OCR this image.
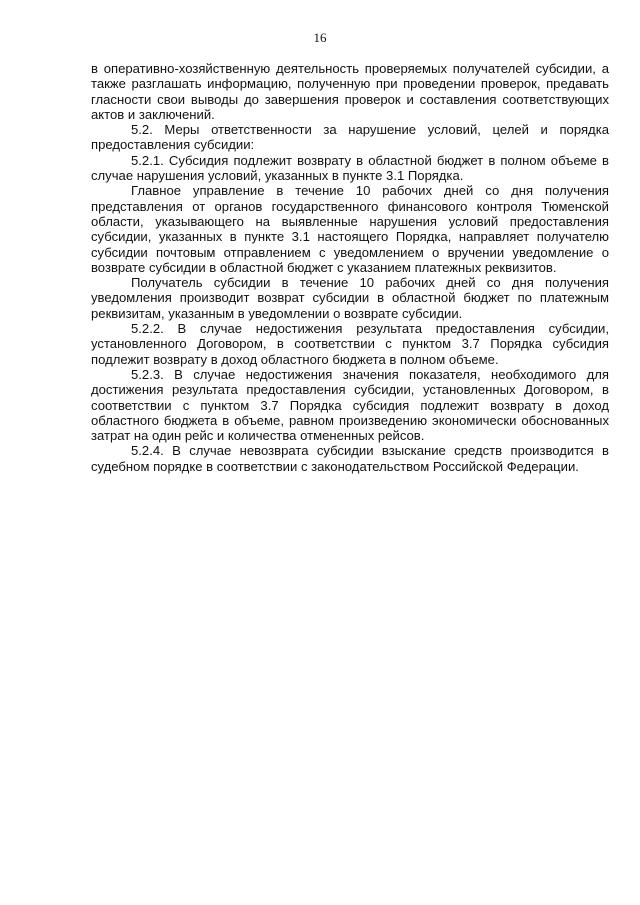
16

в оперативно-хозяйственную деятельность проверяемых получателей субсидии, а также разглашать информацию, полученную при проведении проверок, предавать гласности свои выводы до завершения проверок и составления соответствующих актов и заключений.

5.2. Меры ответственности за нарушение условий, целей и порядка предоставления субсидии:

5.2.1. Субсидия подлежит возврату в областной бюджет в полном объеме в случае нарушения условий, указанных в пункте 3.1 Порядка.

Главное управление в течение 10 рабочих дней со дня получения представления от органов государственного финансового контроля Тюменской области, указывающего на выявленные нарушения условий предоставления субсидии, указанных в пункте 3.1 настоящего Порядка, направляет получателю субсидии почтовым отправлением с уведомлением о вручении уведомление о возврате субсидии в областной бюджет с указанием платежных реквизитов.

Получатель субсидии в течение 10 рабочих дней со дня получения уведомления производит возврат субсидии в областной бюджет по платежным реквизитам, указанным в уведомлении о возврате субсидии.

5.2.2. В случае недостижения результата предоставления субсидии, установленного Договором, в соответствии с пунктом 3.7 Порядка субсидия подлежит возврату в доход областного бюджета в полном объеме.

5.2.3. В случае недостижения значения показателя, необходимого для достижения результата предоставления субсидии, установленных Договором, в соответствии с пунктом 3.7 Порядка субсидия подлежит возврату в доход областного бюджета в объеме, равном произведению экономически обоснованных затрат на один рейс и количества отмененных рейсов.

5.2.4. В случае невозврата субсидии взыскание средств производится в судебном порядке в соответствии с законодательством Российской Федерации.
